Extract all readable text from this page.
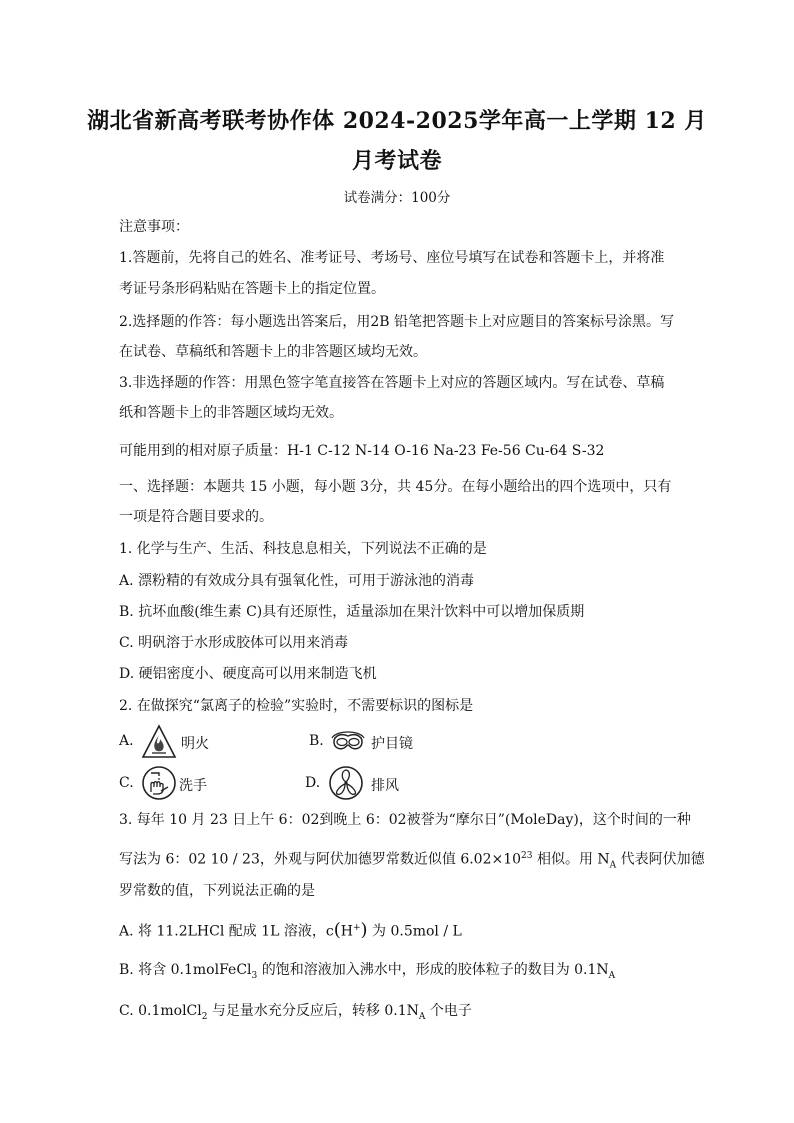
湖北省新高考联考协作体 2024-2025学年高一上学期 12 月
月考试卷
试卷满分：100分
注意事项：
1.答题前，先将自己的姓名、准考证号、考场号、座位号填写在试卷和答题卡上，并将准
考证号条形码粘贴在答题卡上的指定位置。
2.选择题的作答：每小题选出答案后，用2B 铅笔把答题卡上对应题目的答案标号涂黑。写
在试卷、草稿纸和答题卡上的非答题区域均无效。
3.非选择题的作答：用黑色签字笔直接答在答题卡上对应的答题区域内。写在试卷、草稿
纸和答题卡上的非答题区域均无效。
可能用到的相对原子质量：H-1 C-12 N-14 O-16 Na-23 Fe-56 Cu-64 S-32
一、选择题：本题共 15 小题，每小题 3分，共 45分。在每小题给出的四个选项中，只有
一项是符合题目要求的。
1. 化学与生产、生活、科技息息相关，下列说法不正确的是
A. 漂粉精的有效成分具有强氧化性，可用于游泳池的消毒
B. 抗坏血酸(维生素 C)具有还原性，适量添加在果汁饮料中可以增加保质期
C. 明矾溶于水形成胶体可以用来消毒
D. 硬铝密度小、硬度高可以用来制造飞机
2. 在做探究“氯离子的检验”实验时，不需要标识的图标是
A.	明火	B.	护目镜
C.	洗手	D.	排风
3. 每年 10 月 23 日上午 6：02到晚上 6：02被誉为“摩尔日”(MoleDay)，这个时间的一种
写法为 6：02 10 / 23，外观与阿伏加德罗常数近似值 $6.02\times 10^{23}$ 相似。用 $N_A$ 代表阿伏加德
罗常数的值，下列说法正确的是
A. 将 11.2LHCl 配成 1L 溶液，c(H+) 为 0.5mol / L
B. 将含 0.1molFeCl$_3$ 的饱和溶液加入沸水中，形成的胶体粒子的数目为 $0.1N_A$
C. 0.1molCl$_2$ 与足量水充分反应后，转移 $0.1N_A$ 个电子
